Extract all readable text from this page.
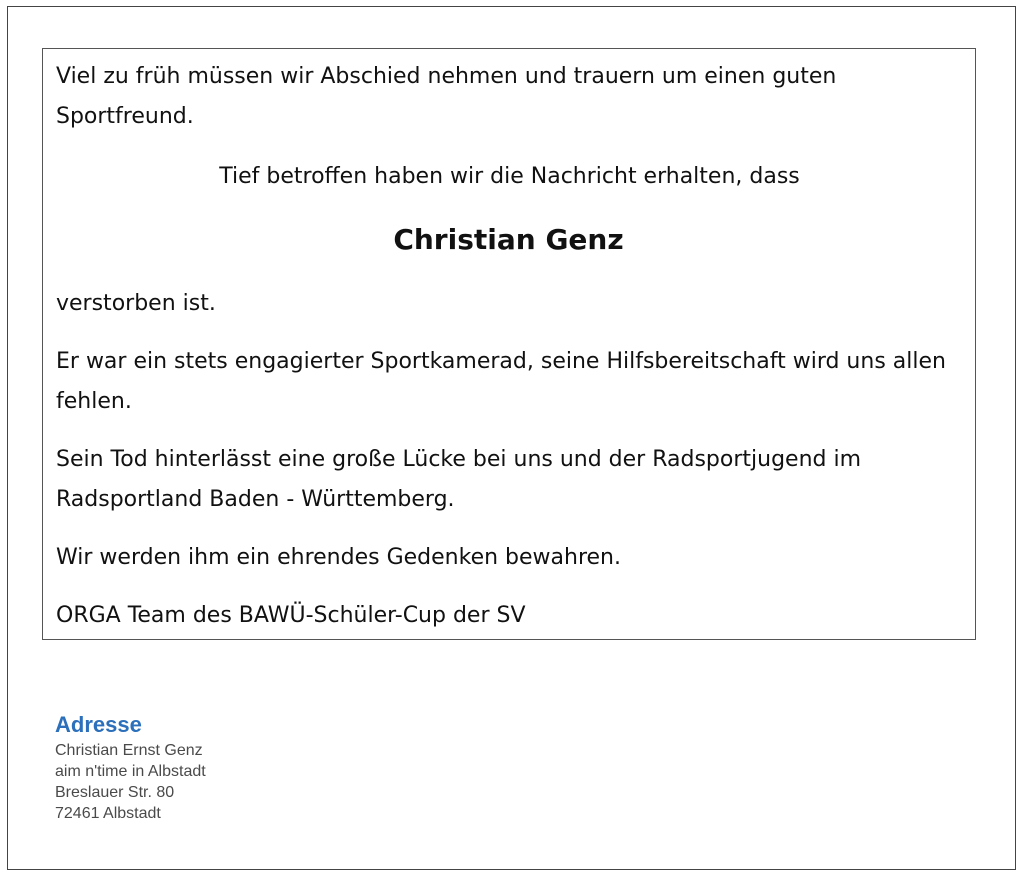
Viel zu früh müssen wir Abschied nehmen und trauern um einen guten Sportfreund.

Tief betroffen haben wir die Nachricht erhalten, dass

Christian Genz

verstorben ist.

Er war ein stets engagierter Sportkamerad, seine Hilfsbereitschaft wird uns allen fehlen.

Sein Tod hinterlässt eine große Lücke bei uns und der Radsportjugend im Radsportland Baden - Württemberg.

Wir werden ihm ein ehrendes Gedenken bewahren.

ORGA Team des BAWÜ-Schüler-Cup der SV

Adresse
Christian Ernst Genz
aim n'time in Albstadt
Breslauer Str. 80
72461 Albstadt
